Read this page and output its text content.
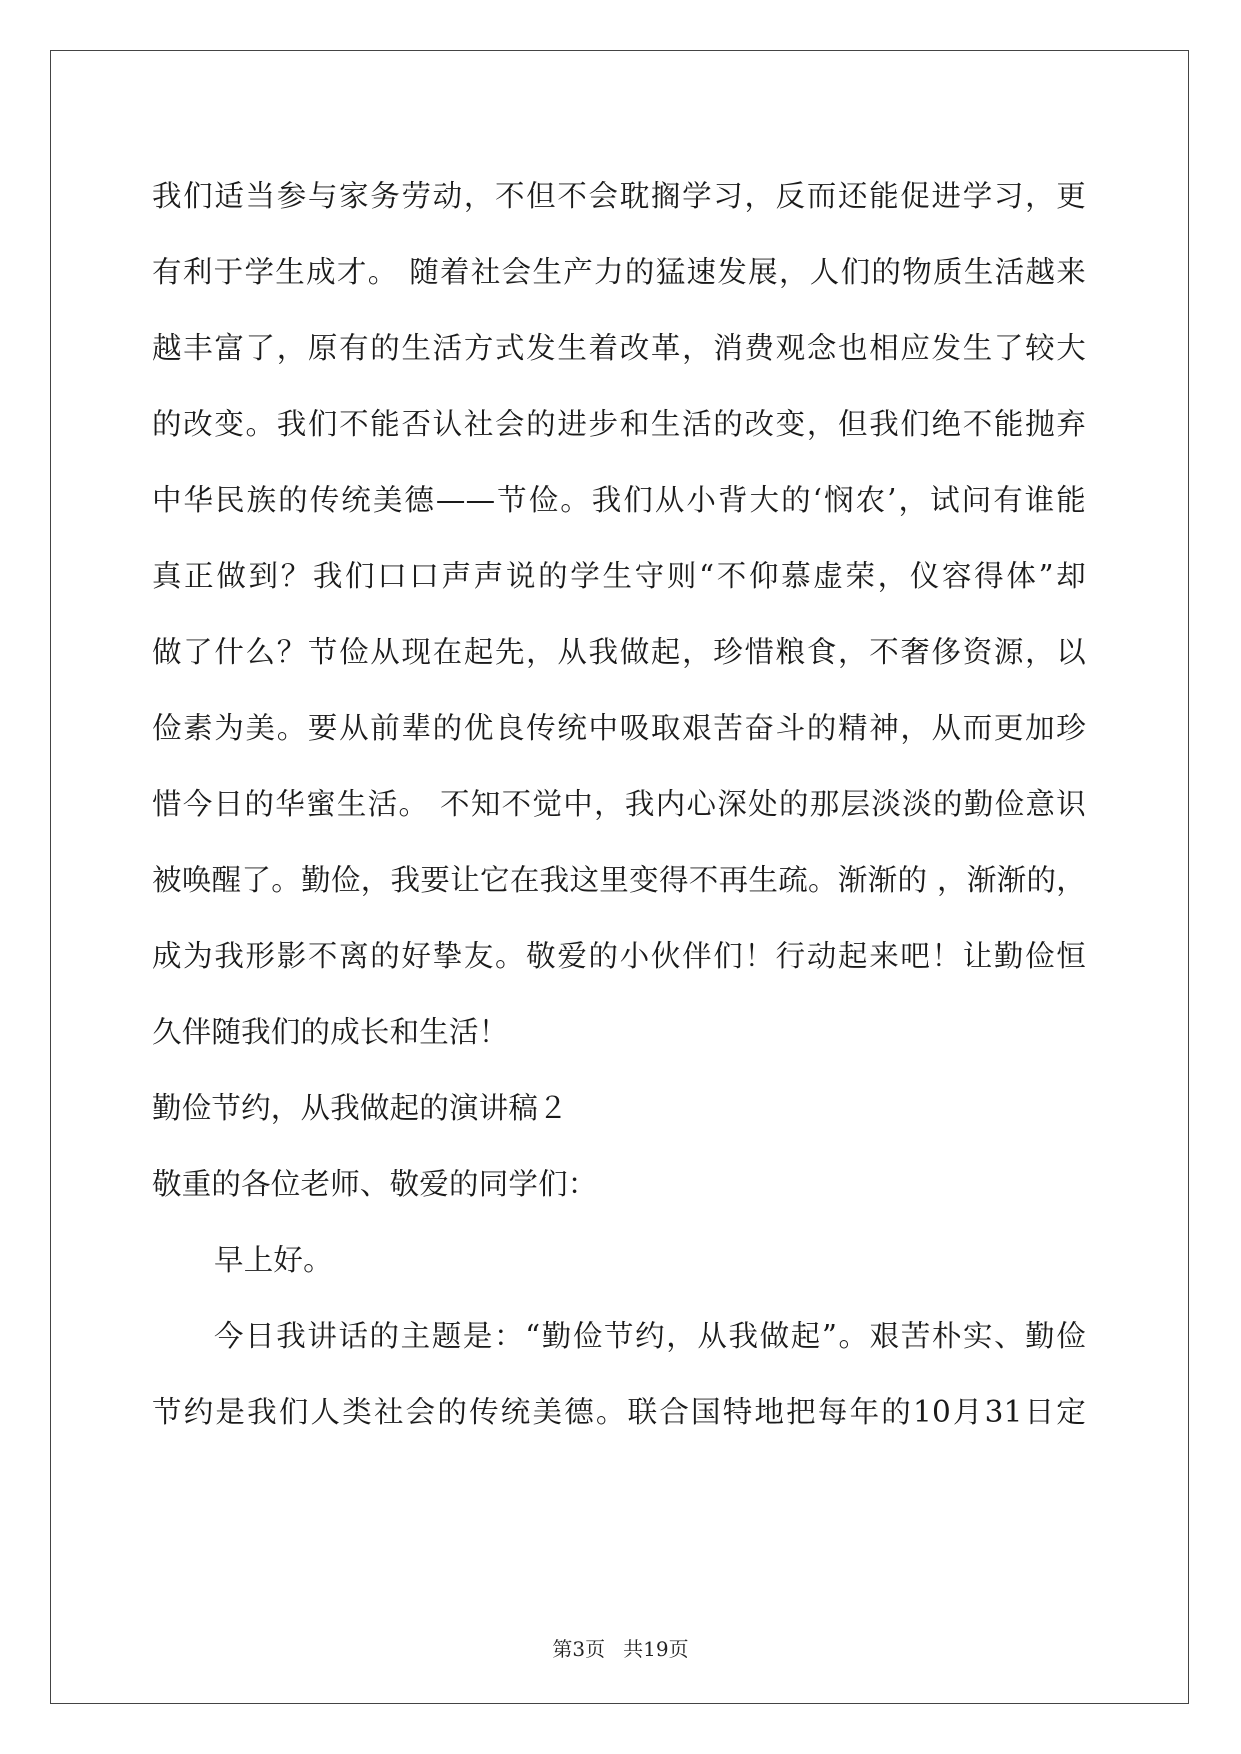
我们适当参与家务劳动，不但不会耽搁学习，反而还能促进学习，更
有利于学生成才。 随着社会生产力的猛速发展，人们的物质生活越来
越丰富了，原有的生活方式发生着改革，消费观念也相应发生了较大
的改变。我们不能否认社会的进步和生活的改变，但我们绝不能抛弃
中华民族的传统美德——节俭。我们从小背大的‘悯农’，试问有谁能
真正做到？我们口口声声说的学生守则“不仰慕虚荣，仪容得体”却
做了什么？节俭从现在起先，从我做起，珍惜粮食，不奢侈资源，以
俭素为美。要从前辈的优良传统中吸取艰苦奋斗的精神，从而更加珍
惜今日的华蜜生活。 不知不觉中，我内心深处的那层淡淡的勤俭意识
被唤醒了。勤俭，我要让它在我这里变得不再生疏。渐渐的 ，渐渐的，
成为我形影不离的好挚友。敬爱的小伙伴们！行动起来吧！让勤俭恒
久伴随我们的成长和生活！
勤俭节约，从我做起的演讲稿２
敬重的各位老师、敬爱的同学们：
早上好。
今日我讲话的主题是：“勤俭节约，从我做起”。艰苦朴实、勤俭
节约是我们人类社会的传统美德。联合国特地把每年的10月31日定
第3页 共19页
